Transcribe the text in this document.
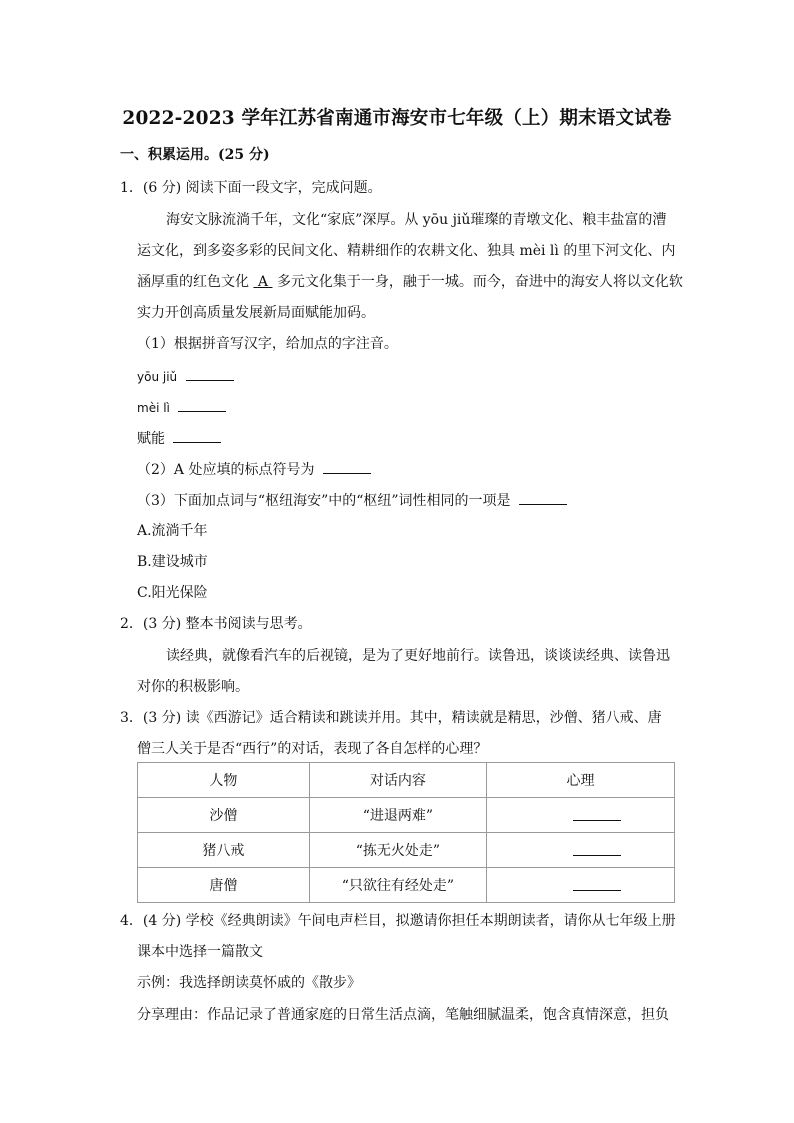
2022-2023 学年江苏省南通市海安市七年级（上）期末语文试卷
一、积累运用。(25 分)
1．(6 分) 阅读下面一段文字，完成问题。
海安文脉流淌千年，文化“家底”深厚。从 yōu jiǔ璀璨的青墩文化、粮丰盐富的漕
运文化，到多姿多彩的民间文化、精耕细作的农耕文化、独具 mèi lì 的里下河文化、内
涵厚重的红色文化 A 多元文化集于一身，融于一城。而今，奋进中的海安人将以文化软
实力开创高质量发展新局面赋能加码。
（1）根据拼音写汉字，给加点的字注音。
yōu jiǔ
mèi lì
赋能
（2）A 处应填的标点符号为
（3）下面加点词与“枢纽海安”中的“枢纽”词性相同的一项是
A.流淌千年
B.建设城市
C.阳光保险
2．(3 分) 整本书阅读与思考。
读经典，就像看汽车的后视镜，是为了更好地前行。读鲁迅，谈谈读经典、读鲁迅
对你的积极影响。
3．(3 分) 读《西游记》适合精读和跳读并用。其中，精读就是精思，沙僧、猪八戒、唐
僧三人关于是否“西行”的对话，表现了各自怎样的心理？
人物	对话内容	心理
沙僧	“进退两难”	
猪八戒	“拣无火处走”	
唐僧	“只欲往有经处走”	
4．(4 分) 学校《经典朗读》午间电声栏目，拟邀请你担任本期朗读者，请你从七年级上册
课本中选择一篇散文
示例：我选择朗读莫怀戚的《散步》
分享理由：作品记录了普通家庭的日常生活点滴，笔触细腻温柔，饱含真情深意，担负
